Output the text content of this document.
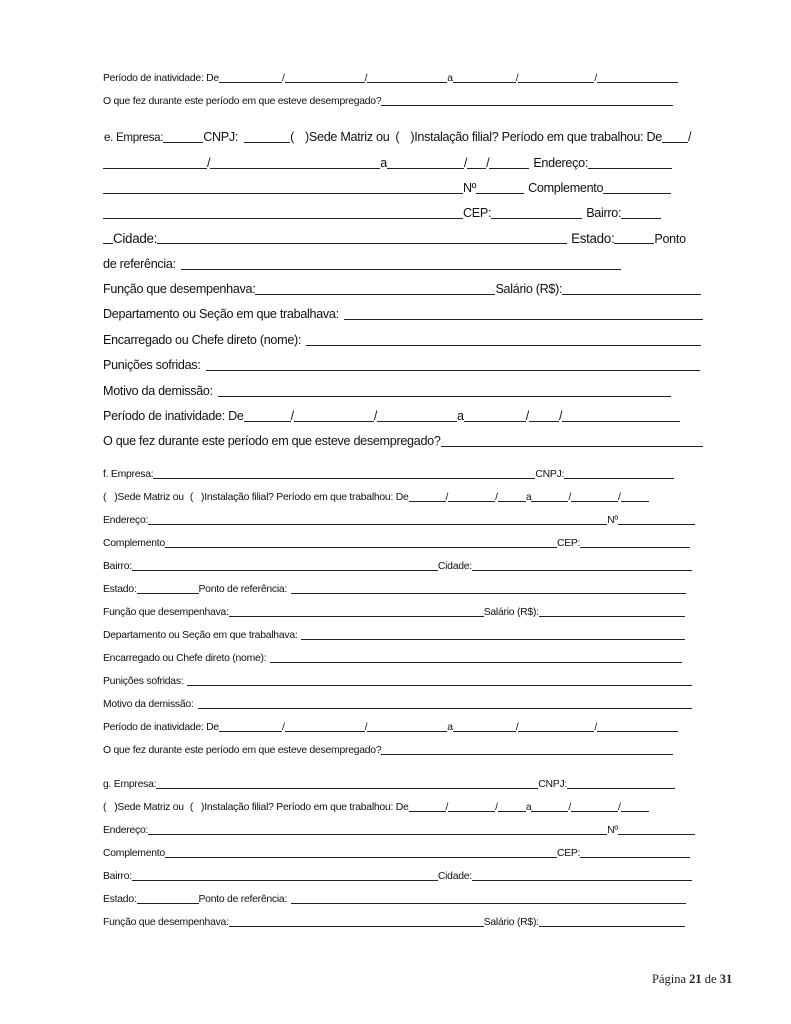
Período de inatividade: De	/	/	a	/	/
O que fez durante este período em que esteve desempregado?
e. Empresa:	CNPJ:	( )Sede Matriz ou ( )Instalação filial? Período em que trabalhou: De /
/	a	/ /	Endereço:
Nº	Complemento
CEP:	Bairro:
Cidade:	Estado:	Ponto
de referência:
Função que desempenhava:	Salário (R$):
Departamento ou Seção em que trabalhava:
Encarregado ou Chefe direto (nome):
Punições sofridas:
Motivo da demissão:
Período de inatividade: De	/	/	a	/ /
O que fez durante este período em que esteve desempregado?
f. Empresa:	CNPJ:
( )Sede Matriz ou ( )Instalação filial? Período em que trabalhou: De	/	/	a	/	/
Endereço:	Nº
Complemento	CEP:
Bairro:	Cidade:
Estado:	Ponto de referência:
Função que desempenhava:	Salário (R$):
Departamento ou Seção em que trabalhava:
Encarregado ou Chefe direto (nome):
Punições sofridas:
Motivo da demissão:
Período de inatividade: De	/	/	a	/	/
O que fez durante este período em que esteve desempregado?
g. Empresa:	CNPJ:
( )Sede Matriz ou ( )Instalação filial? Período em que trabalhou: De	/	/	a	/	/
Endereço:	Nº
Complemento	CEP:
Bairro:	Cidade:
Estado:	Ponto de referência:
Função que desempenhava:	Salário (R$):
Página 21 de 31
